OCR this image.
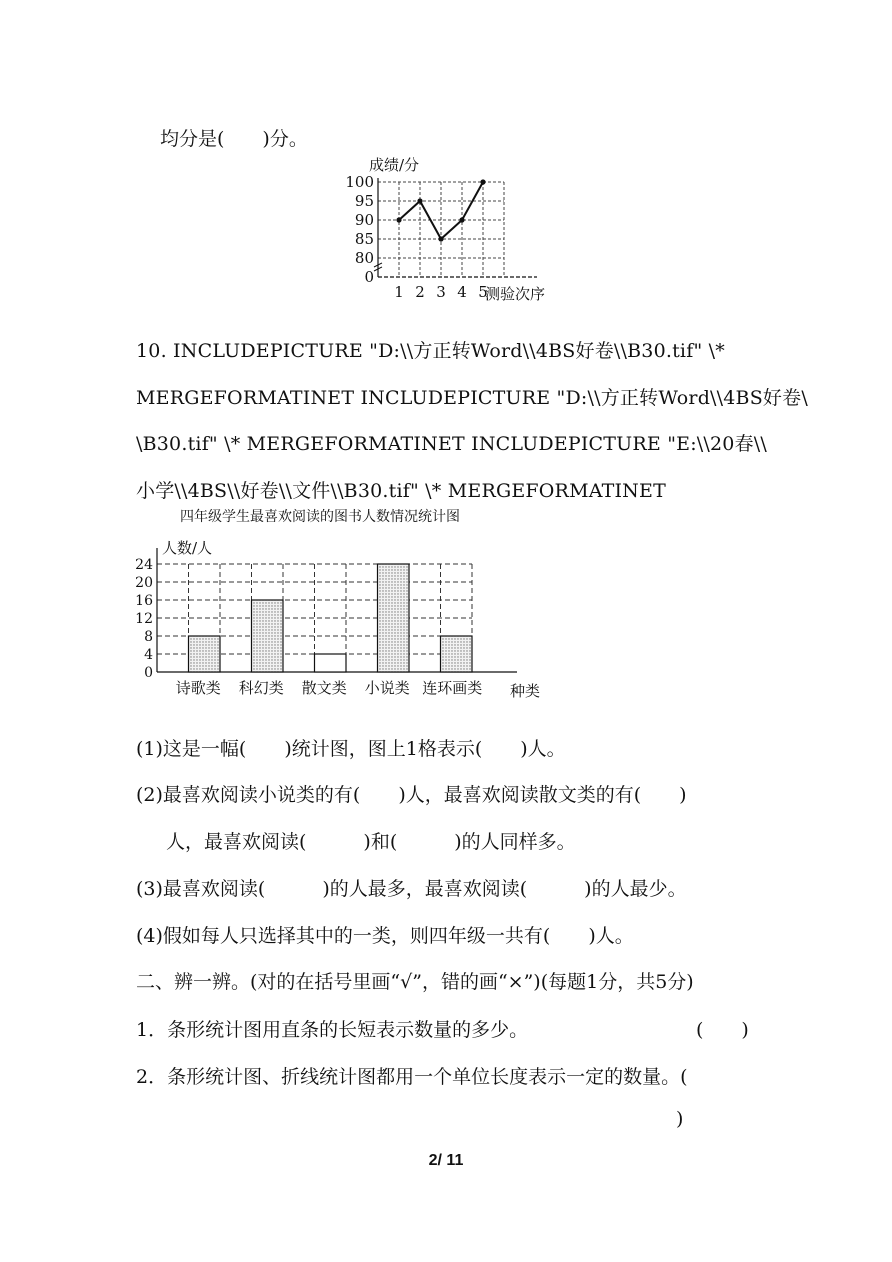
均分是(　　)分。
成绩/分
100
95
90
85
80
0
1 2 3 4 5
测验次序
10. INCLUDEPICTURE "D:\\方正转Word\\4BS好卷\\B30.tif" \*
MERGEFORMATINET INCLUDEPICTURE "D:\\方正转Word\\4BS好卷\
\B30.tif" \* MERGEFORMATINET INCLUDEPICTURE "E:\\20春\\
小学\\4BS\\好卷\\文件\\B30.tif" \* MERGEFORMATINET
四年级学生最喜欢阅读的图书人数情况统计图
人数/人
24
20
16
12
8
4
0
诗歌类 科幻类 散文类 小说类 连环画类 种类
(1)这是一幅(　　)统计图，图上1格表示(　　)人。
(2)最喜欢阅读小说类的有(　　)人，最喜欢阅读散文类的有(　　)
人，最喜欢阅读(　　　)和(　　　)的人同样多。
(3)最喜欢阅读(　　　)的人最多，最喜欢阅读(　　　)的人最少。
(4)假如每人只选择其中的一类，则四年级一共有(　　)人。
二、辨一辨。(对的在括号里画“√”，错的画“×”)(每题1分，共5分)
1．条形统计图用直条的长短表示数量的多少。	(　　)
2．条形统计图、折线统计图都用一个单位长度表示一定的数量。(
)
2/ 11
